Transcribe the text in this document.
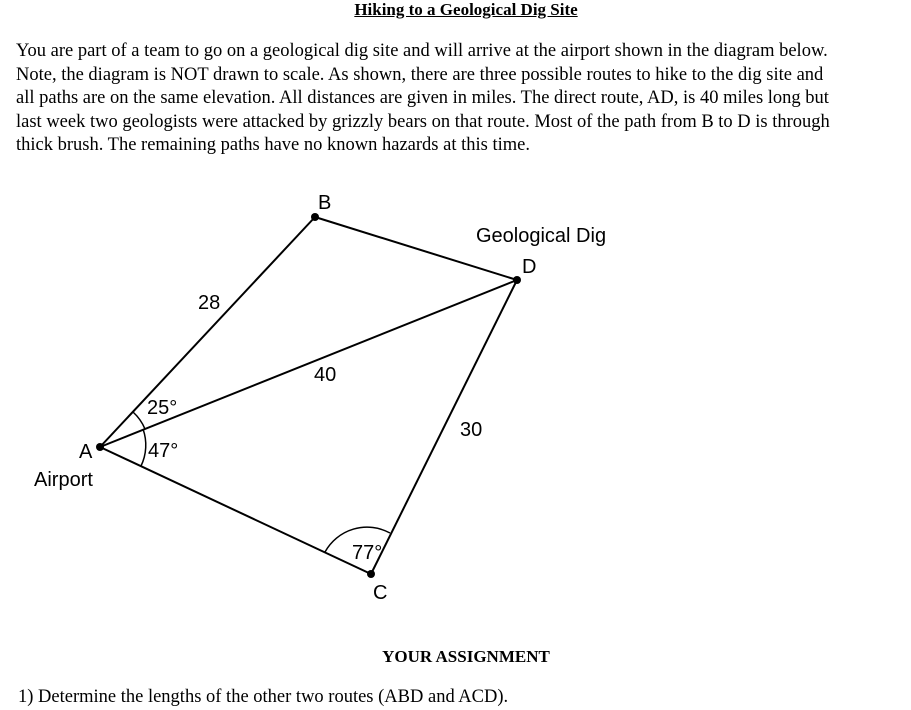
Hiking to a Geological Dig Site
You are part of a team to go on a geological dig site and will arrive at the airport shown in the diagram below.
Note, the diagram is NOT drawn to scale. As shown, there are three possible routes to hike to the dig site and
all paths are on the same elevation. All distances are given in miles. The direct route, AD, is 40 miles long but
last week two geologists were attacked by grizzly bears on that route. Most of the path from B to D is through
thick brush. The remaining paths have no known hazards at this time.
A
Airport
B
C
Geological Dig
D
28
40
30
25°
47°
77°
YOUR ASSIGNMENT
1) Determine the lengths of the other two routes (ABD and ACD).
